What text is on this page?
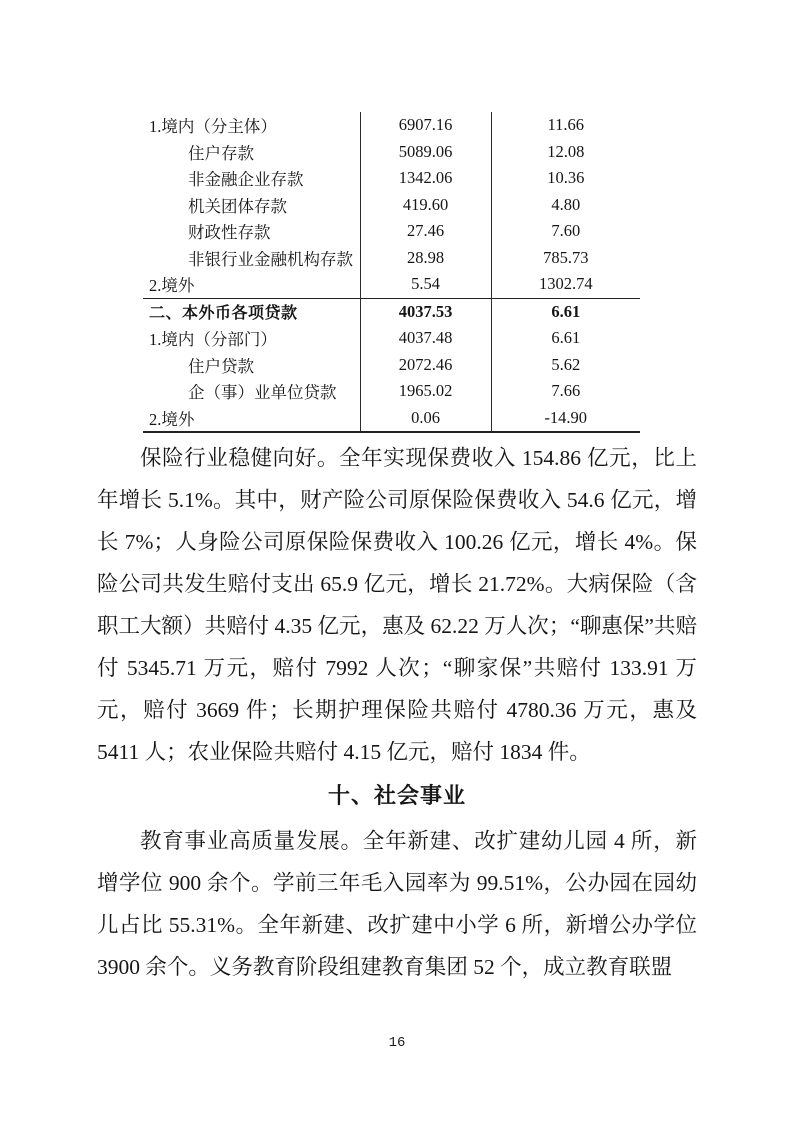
1.境内（分主体）	6907.16	11.66
住户存款	5089.06	12.08
非金融企业存款	1342.06	10.36
机关团体存款	419.60	4.80
财政性存款	27.46	7.60
非银行业金融机构存款	28.98	785.73
2.境外	5.54	1302.74
二、本外币各项贷款	4037.53	6.61
1.境内（分部门）	4037.48	6.61
住户贷款	2072.46	5.62
企（事）业单位贷款	1965.02	7.66
2.境外	0.06	-14.90

保险行业稳健向好。全年实现保费收入 154.86 亿元，比上年增长 5.1%。其中，财产险公司原保险保费收入 54.6 亿元，增长 7%；人身险公司原保险保费收入 100.26 亿元，增长 4%。保险公司共发生赔付支出 65.9 亿元，增长 21.72%。大病保险（含职工大额）共赔付 4.35 亿元，惠及 62.22 万人次；“聊惠保”共赔付 5345.71 万元，赔付 7992 人次；“聊家保”共赔付 133.91 万元，赔付 3669 件；长期护理保险共赔付 4780.36 万元，惠及 5411 人；农业保险共赔付 4.15 亿元，赔付 1834 件。

十、社会事业

教育事业高质量发展。全年新建、改扩建幼儿园 4 所，新增学位 900 余个。学前三年毛入园率为 99.51%，公办园在园幼儿占比 55.31%。全年新建、改扩建中小学 6 所，新增公办学位 3900 余个。义务教育阶段组建教育集团 52 个，成立教育联盟

16
